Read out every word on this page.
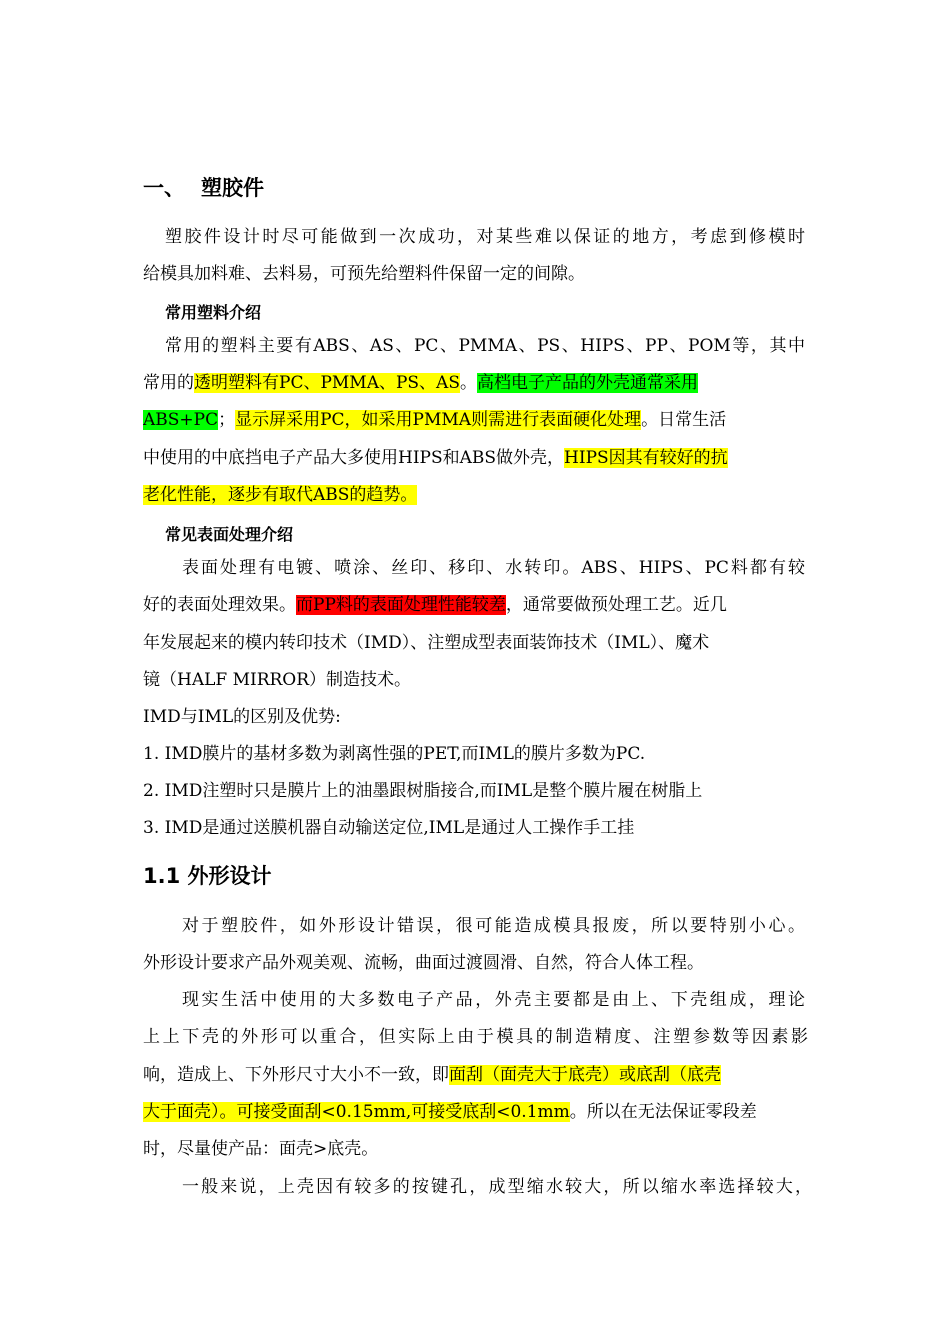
一、 塑胶件
塑胶件设计时尽可能做到一次成功，对某些难以保证的地方，考虑到修模时
给模具加料难、去料易，可预先给塑料件保留一定的间隙。
常用塑料介绍
常用的塑料主要有ABS、AS、PC、PMMA、PS、HIPS、PP、POM等，其中
常用的透明塑料有PC、PMMA、PS、AS。高档电子产品的外壳通常采用
ABS+PC；显示屏采用PC，如采用PMMA则需进行表面硬化处理。日常生活
中使用的中底挡电子产品大多使用HIPS和ABS做外壳，HIPS因其有较好的抗
老化性能，逐步有取代ABS的趋势。
常见表面处理介绍
表面处理有电镀、喷涂、丝印、移印、水转印。ABS、HIPS、PC料都有较
好的表面处理效果。而PP料的表面处理性能较差，通常要做预处理工艺。近几
年发展起来的模内转印技术（IMD）、注塑成型表面装饰技术（IML）、魔术
镜（HALF MIRROR）制造技术。
IMD与IML的区别及优势:
1. IMD膜片的基材多数为剥离性强的PET,而IML的膜片多数为PC.
2. IMD注塑时只是膜片上的油墨跟树脂接合,而IML是整个膜片履在树脂上
3. IMD是通过送膜机器自动输送定位,IML是通过人工操作手工挂
1.1 外形设计
对于塑胶件，如外形设计错误，很可能造成模具报废，所以要特别小心。
外形设计要求产品外观美观、流畅，曲面过渡圆滑、自然，符合人体工程。
现实生活中使用的大多数电子产品，外壳主要都是由上、下壳组成，理论
上上下壳的外形可以重合，但实际上由于模具的制造精度、注塑参数等因素影
响，造成上、下外形尺寸大小不一致，即面刮（面壳大于底壳）或底刮（底壳
大于面壳）。可接受面刮<0.15mm,可接受底刮<0.1mm。所以在无法保证零段差
时，尽量使产品：面壳>底壳。
一般来说，上壳因有较多的按键孔，成型缩水较大，所以缩水率选择较大，
